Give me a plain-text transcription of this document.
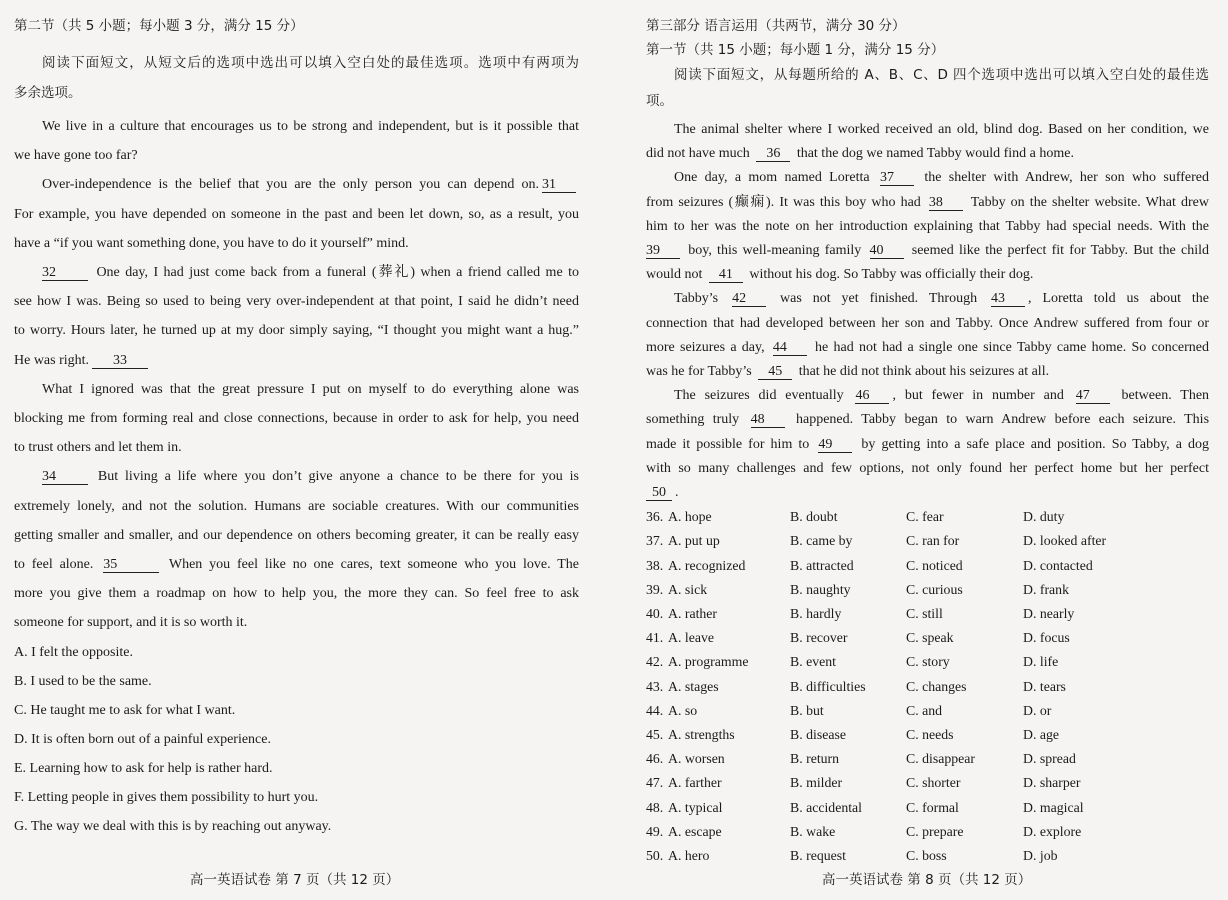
第二节（共 5 小题；每小题 3 分，满分 15 分）
阅读下面短文，从短文后的选项中选出可以填入空白处的最佳选项。选项中有两项为
多余选项。
We live in a culture that encourages us to be strong and independent, but is it possible that
we have gone too far?
Over-independence is the belief that you are the only person you can depend on. 31
For example, you have depended on someone in the past and been let down, so, as a result, you
have a “if you want something done, you have to do it yourself” mind.
32	One day, I had just come back from a funeral (葬礼) when a friend called me to
see how I was. Being so used to being very over-independent at that point, I said he didn’t need
to worry. Hours later, he turned up at my door simply saying, “I thought you might want a hug.”
He was right. 33
What I ignored was that the great pressure I put on myself to do everything alone was
blocking me from forming real and close connections, because in order to ask for help, you need
to trust others and let them in.
34	But living a life where you don’t give anyone a chance to be there for you is
extremely lonely, and not the solution. Humans are sociable creatures. With our communities
getting smaller and smaller, and our dependence on others becoming greater, it can be really easy
to feel alone. 35	When you feel like no one cares, text someone who you love. The
more you give them a roadmap on how to help you, the more they can. So feel free to ask
someone for support, and it is so worth it.
A. I felt the opposite.
B. I used to be the same.
C. He taught me to ask for what I want.
D. It is often born out of a painful experience.
E. Learning how to ask for help is rather hard.
F. Letting people in gives them possibility to hurt you.
G. The way we deal with this is by reaching out anyway.
高一英语试卷 第 7 页（共 12 页）
第三部分 语言运用（共两节，满分 30 分）
第一节（共 15 小题；每小题 1 分，满分 15 分）
阅读下面短文，从每题所给的 A、B、C、D 四个选项中选出可以填入空白处的最佳选
项。
The animal shelter where I worked received an old, blind dog. Based on her condition, we
did not have much 36 that the dog we named Tabby would find a home.
One day, a mom named Loretta 37 the shelter with Andrew, her son who suffered
from seizures (癫痫). It was this boy who had 38 Tabby on the shelter website. What drew
him to her was the note on her introduction explaining that Tabby had special needs. With the
39 boy, this well-meaning family 40 seemed like the perfect fit for Tabby. But the child
would not 41 without his dog. So Tabby was officially their dog.
Tabby’s 42 was not yet finished. Through 43 , Loretta told us about the
connection that had developed between her son and Tabby. Once Andrew suffered from four or
more seizures a day, 44 he had not had a single one since Tabby came home. So concerned
was he for Tabby’s 45 that he did not think about his seizures at all.
The seizures did eventually 46 , but fewer in number and 47 between. Then
something truly 48 happened. Tabby began to warn Andrew before each seizure. This
made it possible for him to 49 by getting into a safe place and position. So Tabby, a dog
with so many challenges and few options, not only found her perfect home but her perfect
50 .
36. A. hope	B. doubt	C. fear	D. duty
37. A. put up	B. came by	C. ran for	D. looked after
38. A. recognized	B. attracted	C. noticed	D. contacted
39. A. sick	B. naughty	C. curious	D. frank
40. A. rather	B. hardly	C. still	D. nearly
41. A. leave	B. recover	C. speak	D. focus
42. A. programme	B. event	C. story	D. life
43. A. stages	B. difficulties	C. changes	D. tears
44. A. so	B. but	C. and	D. or
45. A. strengths	B. disease	C. needs	D. age
46. A. worsen	B. return	C. disappear	D. spread
47. A. farther	B. milder	C. shorter	D. sharper
48. A. typical	B. accidental	C. formal	D. magical
49. A. escape	B. wake	C. prepare	D. explore
50. A. hero	B. request	C. boss	D. job
高一英语试卷 第 8 页（共 12 页）
